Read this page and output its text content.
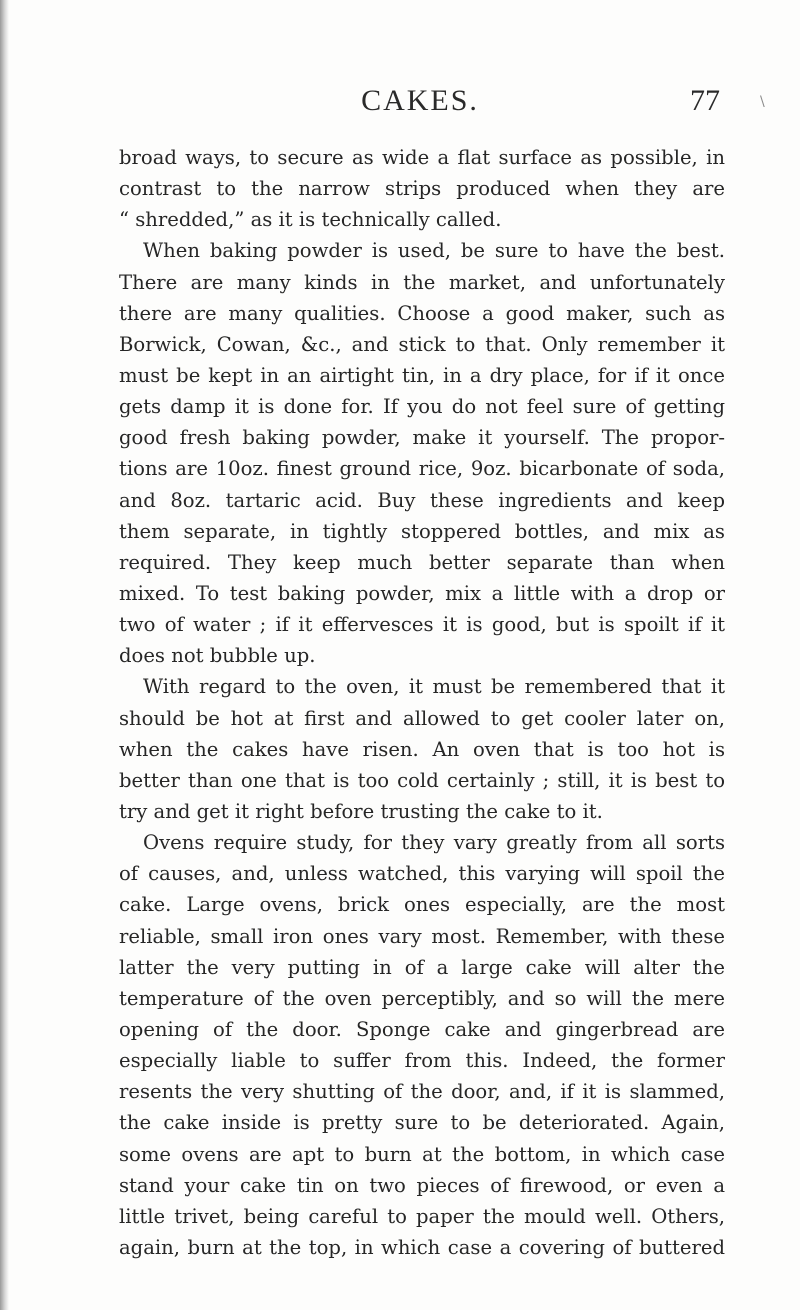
CAKES.	77	\
broad ways, to secure as wide a flat surface as possible, in
contrast to the narrow strips produced when they are
“ shredded,” as it is technically called.
When baking powder is used, be sure to have the best.
There are many kinds in the market, and unfortunately
there are many qualities. Choose a good maker, such as
Borwick, Cowan, &c., and stick to that. Only remember it
must be kept in an airtight tin, in a dry place, for if it once
gets damp it is done for. If you do not feel sure of getting
good fresh baking powder, make it yourself. The propor-
tions are 10oz. finest ground rice, 9oz. bicarbonate of soda,
and 8oz. tartaric acid. Buy these ingredients and keep
them separate, in tightly stoppered bottles, and mix as
required. They keep much better separate than when
mixed. To test baking powder, mix a little with a drop or
two of water ; if it effervesces it is good, but is spoilt if it
does not bubble up.
With regard to the oven, it must be remembered that it
should be hot at first and allowed to get cooler later on,
when the cakes have risen. An oven that is too hot is
better than one that is too cold certainly ; still, it is best to
try and get it right before trusting the cake to it.
Ovens require study, for they vary greatly from all sorts
of causes, and, unless watched, this varying will spoil the
cake. Large ovens, brick ones especially, are the most
reliable, small iron ones vary most. Remember, with these
latter the very putting in of a large cake will alter the
temperature of the oven perceptibly, and so will the mere
opening of the door. Sponge cake and gingerbread are
especially liable to suffer from this. Indeed, the former
resents the very shutting of the door, and, if it is slammed,
the cake inside is pretty sure to be deteriorated. Again,
some ovens are apt to burn at the bottom, in which case
stand your cake tin on two pieces of firewood, or even a
little trivet, being careful to paper the mould well. Others,
again, burn at the top, in which case a covering of buttered
